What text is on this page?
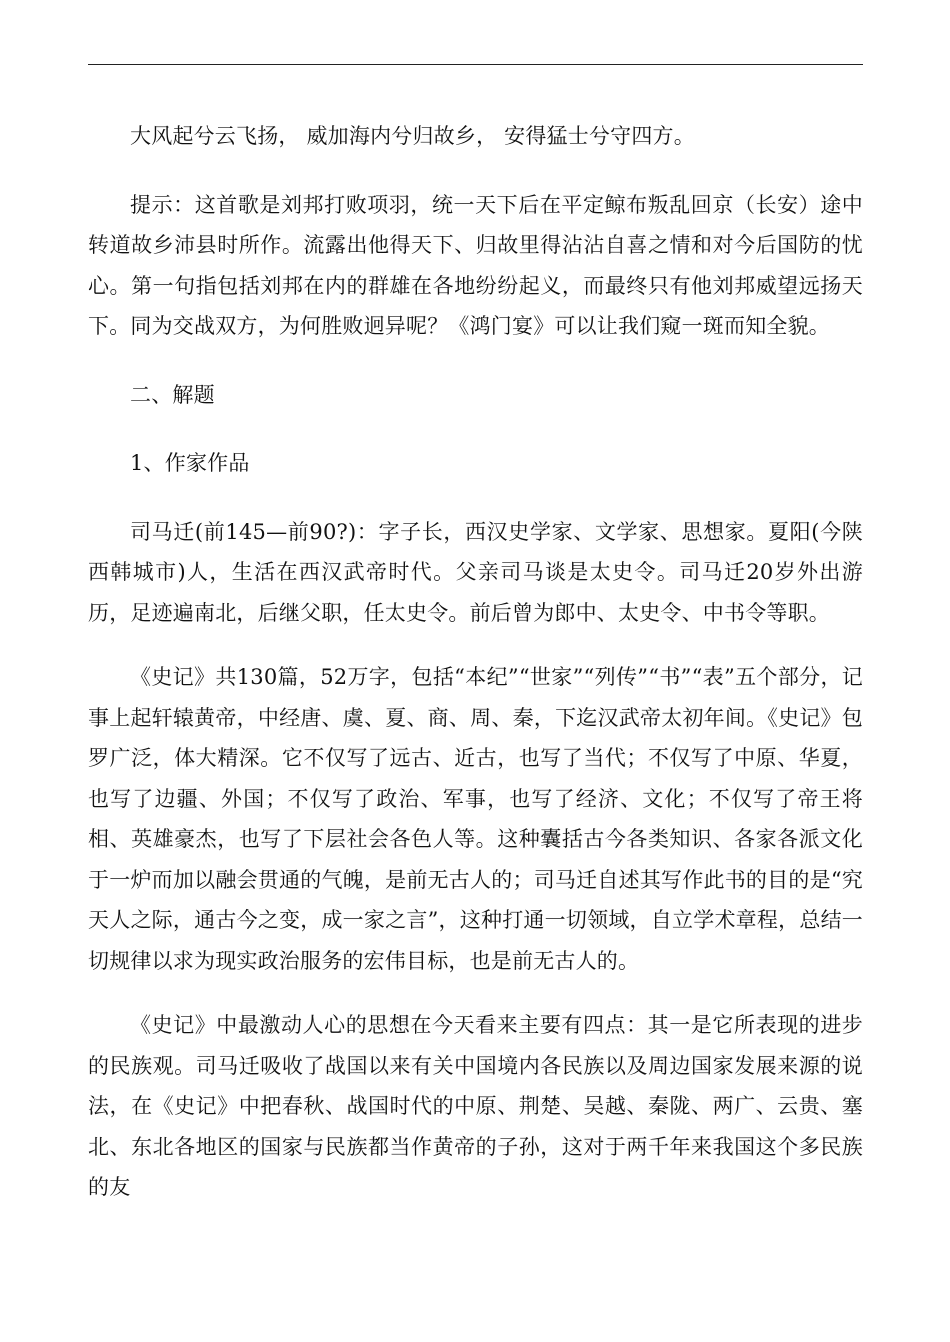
大风起兮云飞扬， 威加海内兮归故乡， 安得猛士兮守四方。

提示：这首歌是刘邦打败项羽，统一天下后在平定鲸布叛乱回京（长安）途中转道故乡沛县时所作。流露出他得天下、归故里得沾沾自喜之情和对今后国防的忧心。第一句指包括刘邦在内的群雄在各地纷纷起义，而最终只有他刘邦威望远扬天下。同为交战双方，为何胜败迥异呢？《鸿门宴》可以让我们窥一斑而知全貌。

二、解题

1、作家作品

司马迁(前145—前90?)：字子长，西汉史学家、文学家、思想家。夏阳(今陕西韩城市)人，生活在西汉武帝时代。父亲司马谈是太史令。司马迁20岁外出游历，足迹遍南北，后继父职，任太史令。前后曾为郎中、太史令、中书令等职。

《史记》共130篇，52万字，包括“本纪”“世家”“列传”“书”“表”五个部分，记事上起轩辕黄帝，中经唐、虞、夏、商、周、秦，下迄汉武帝太初年间。《史记》包罗广泛，体大精深。它不仅写了远古、近古，也写了当代；不仅写了中原、华夏，也写了边疆、外国；不仅写了政治、军事，也写了经济、文化；不仅写了帝王将相、英雄豪杰，也写了下层社会各色人等。这种囊括古今各类知识、各家各派文化于一炉而加以融会贯通的气魄，是前无古人的；司马迁自述其写作此书的目的是“究天人之际，通古今之变，成一家之言”，这种打通一切领域，自立学术章程，总结一切规律以求为现实政治服务的宏伟目标，也是前无古人的。

《史记》中最激动人心的思想在今天看来主要有四点：其一是它所表现的进步的民族观。司马迁吸收了战国以来有关中国境内各民族以及周边国家发展来源的说法，在《史记》中把春秋、战国时代的中原、荆楚、吴越、秦陇、两广、云贵、塞北、东北各地区的国家与民族都当作黄帝的子孙，这对于两千年来我国这个多民族的友
